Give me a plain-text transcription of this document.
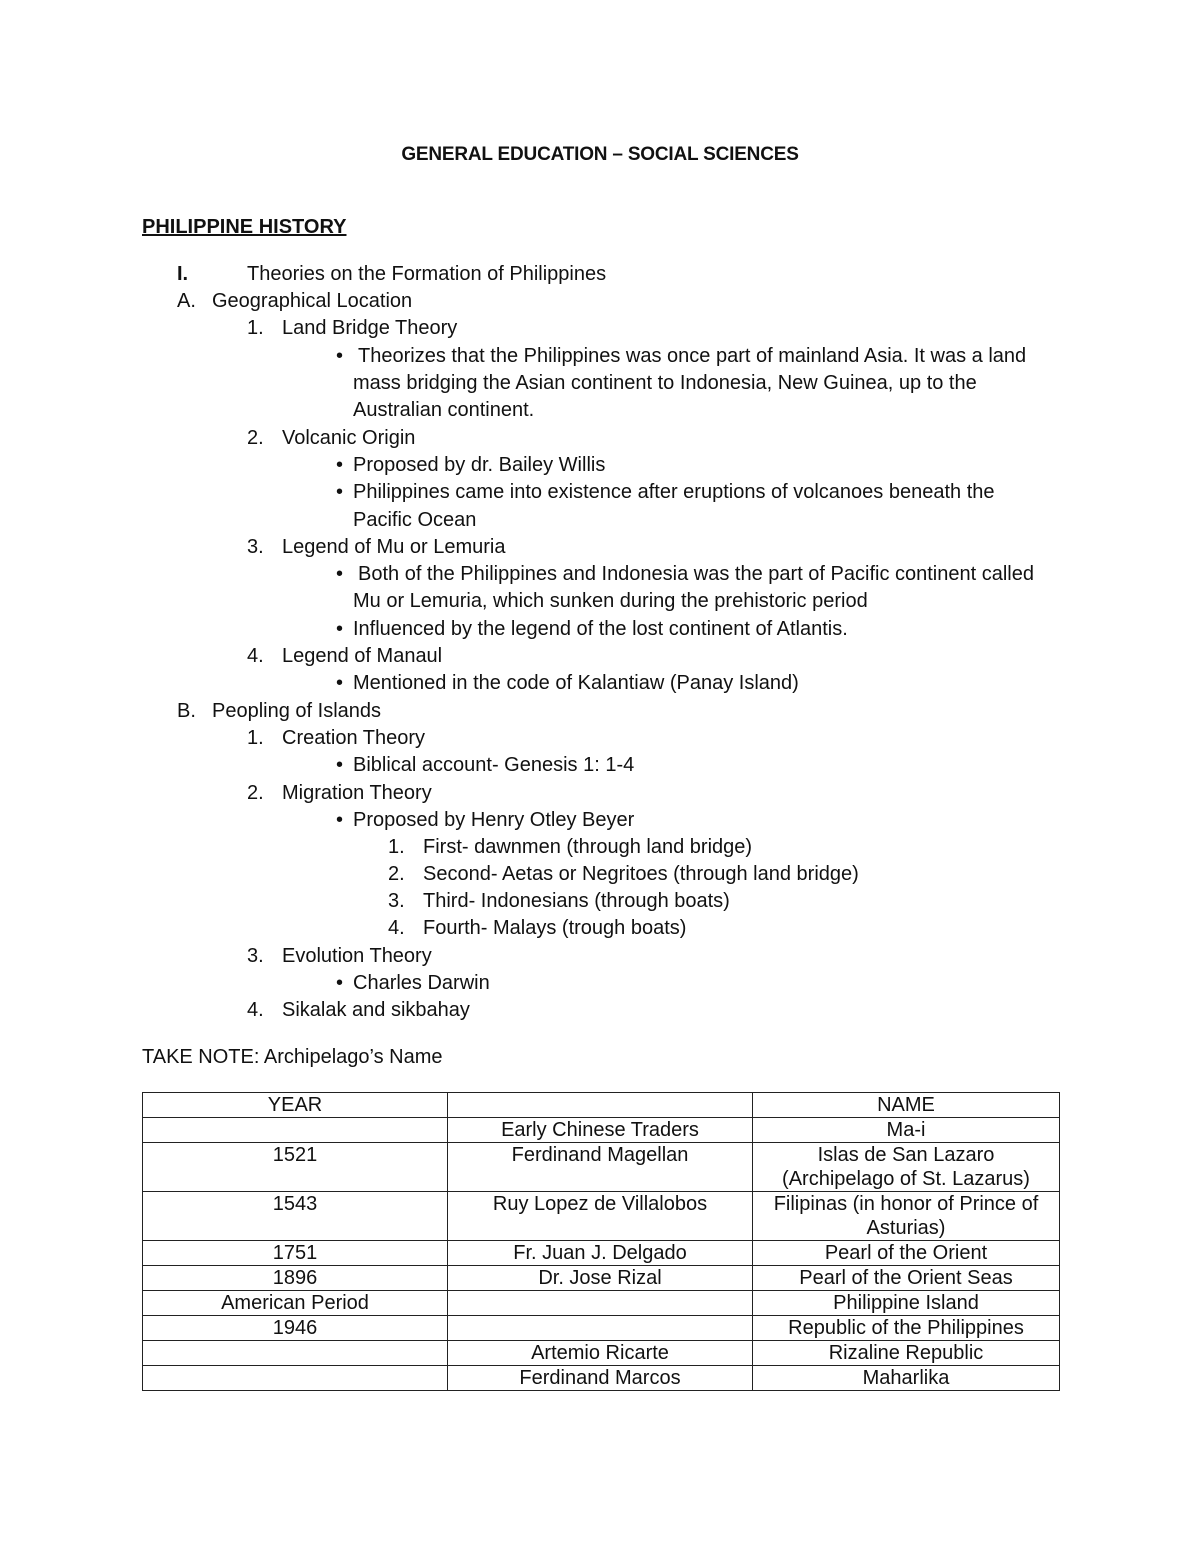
GENERAL EDUCATION – SOCIAL SCIENCES
PHILIPPINE HISTORY
I.	Theories on the Formation of Philippines
A. Geographical Location
1. Land Bridge Theory
• Theorizes that the Philippines was once part of mainland Asia. It was a land
mass bridging the Asian continent to Indonesia, New Guinea, up to the
Australian continent.
2. Volcanic Origin
• Proposed by dr. Bailey Willis
• Philippines came into existence after eruptions of volcanoes beneath the
Pacific Ocean
3. Legend of Mu or Lemuria
• Both of the Philippines and Indonesia was the part of Pacific continent called
Mu or Lemuria, which sunken during the prehistoric period
• Influenced by the legend of the lost continent of Atlantis.
4. Legend of Manaul
• Mentioned in the code of Kalantiaw (Panay Island)
B. Peopling of Islands
1. Creation Theory
• Biblical account- Genesis 1: 1-4
2. Migration Theory
• Proposed by Henry Otley Beyer
1. First- dawnmen (through land bridge)
2. Second- Aetas or Negritoes (through land bridge)
3. Third- Indonesians (through boats)
4. Fourth- Malays (trough boats)
3. Evolution Theory
• Charles Darwin
4. Sikalak and sikbahay
TAKE NOTE: Archipelago’s Name
YEAR		NAME
	Early Chinese Traders	Ma-i
1521	Ferdinand Magellan	Islas de San Lazaro (Archipelago of St. Lazarus)
1543	Ruy Lopez de Villalobos	Filipinas (in honor of Prince of Asturias)
1751	Fr. Juan J. Delgado	Pearl of the Orient
1896	Dr. Jose Rizal	Pearl of the Orient Seas
American Period		Philippine Island
1946		Republic of the Philippines
	Artemio Ricarte	Rizaline Republic
	Ferdinand Marcos	Maharlika
